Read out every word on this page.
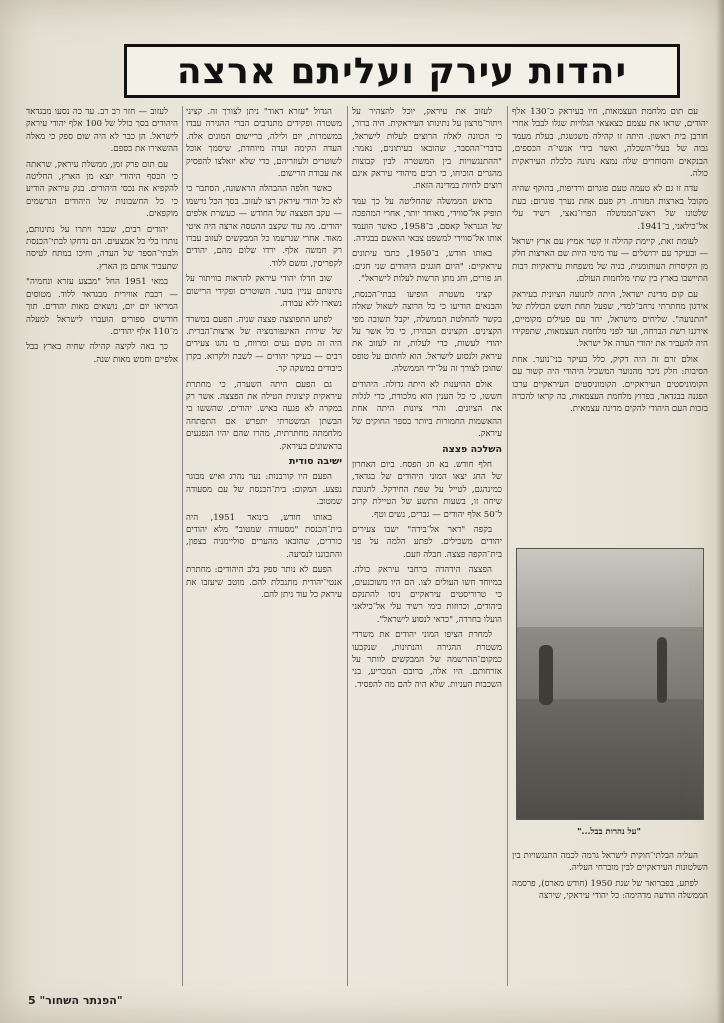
יהדות עירק ועליתם ארצה

עם תום מלחמת העצמאות, חיו בעיראק כ־130 אלף יהודים, שראו את עצמם כצאצאי הגלויות שגלו לבבל אחרי חורבן בית ראשון. היתה זו קהילה משגשגת, בעלת מעמד גבוה של בעלי־השכלה, ואשר בידי אנשי־ה הכספים, הבנקאים והסוחרים שלה נמצא נתונה כלכלת העיראקית כולה.

עדה זו גם לא טעמה טעם פוגרום ורדיפות, בהוקף שהיה מקובל בארצות המזרח. רק פעם אחת נערך פוגרום: בעת שלטונו של ראש־הממשלה הפרו־נאצי, רשיד עלי אל־כילאני, ב־1941.

לעומת זאת, קיימת קהילה זו קשר אמיץ עם ארץ ישראל — ובעיקר עם ירושלים — עוד מימי היות שם הארצות חלק מן הקיסרות העותומנית, בניה של משפחות עיראקיות רבות התיישבו בארץ בין שתי מלחמות העולם.

עם קום מדינת ישראל, היתה לתנועה הציונית בעיראק אירגון מחתרתי נרחב־למדי, שפעל תחת חשש הכוללת של "התנועה". שליחים מישראל, יחד עם פעילים מקומיים, אירגנו רשת הברחה, ועד לפני מלחמת העצמאות, שתפקידו היה להעביר את יהודי העדה אל ישראל.

אולם זרם זה היה דקיק, כלל בעיקר בני־נוער. אחת הסיבות: חלק ניכר מהנוער המשכיל היהודי היה קשור עם הקומוניסטים העיראקיים. הקומוניסטים העיראקיים ערכו הפגנה בבגדאד, בפרוץ מלחמת העצמאות, בה קראו להכרה בזכות העם היהודי להקים מדינה עצמאית.

"על נהרות בבל..."

העליה הבלתי־חוקית לישראל גרמה לכמה התנגשויות בין השלטונות העיראקיים לבין מוברחי העליה.

לפתע, בפברואר של שנת 1950 (חודש מארס), פרסמה הממשלה הודעה מדהימה: כל יהודי עיראקי, שירצה

לעזוב את עיראק, יוכל להצהיר על ויתור־מרצון על נתינותו העיראקית. היה ברור, כי הכוונה לאלה הרוצים לעלות לישראל, בדברי־ההסבר, שהובאו בעיתונים, נאמר: "ההתנגשויות בין המשטרה לבין קבוצות מהגרים הוכיחו, כי רבים מיהודי עיראק אינם רוצים לחיות במדינה הזאת.

בראש הממשלה שהחליטה על כך עמד תופיק אל־סווידי, מאוחר יותר, אחרי המהפכה של הגנראל קאסם, ב־1958, כאשר הועמד אותו אל־סווידי למשפט צבאי הואשם בבגידה.

באותו חודש, ב־1950, כתבו עיתונים עיראקיים: "היום חוגגים היהודים שני חגים: חג פורים, וחג מתן הרשות לעלות לישראל".

קציני משטרה הופיעו בבתי־הכנסת, והבנאים הודיעו כי כל הרוצה לשאול שאלה בקשר להחלטת הממשלה, יקבל תשובה מפי הקצינים. הקצינים הבהירו, כי כל אשר על יהודי לעשות, כדי לעלות, זה לעזוב את עיראק ולנסוע לישראל. הוא לחתום על טופס שהוכן לצורך זה על־ידי הממשלה.

אולם ההיענות לא היתה גדולה. היהודים חששו, כי כל הענין הוא מלכודת, כדי לגלות את הציונים. והרי ציונות היתה אחת ההאשמות החמורות ביותר בספר החוקים של עיראק.

השלכה פצצה

חלף חודש. בא חג הפסח. ביום האחרון של החג יצאו המוני היהודים של בגדאד, כמינהגם, לטייל על שפת החידקל. לתגובת שיחה זו, בשעות התשע של הטיילת קרוב ל־50 אלף יהודים — גברים, נשים וטף.

בקפה "דאר אל־בידה" ישבו צעירים יהודים משכילים. לפתע הלמה על פני בית־הקפה פצצה. חבלה וזעם.

הפצצה הידהדה ברחבי עיראק כולה. במיוחד חשו העולים לצו. הם היו משוכנעים, כי טרוריסטים עיראקיים ניסו להתנקם ביהודים, וכרוזות כימי רשיד עלי אל־כילאני הועלו בחרדה, "כדאי לנסוע לישראל".

למחרת הציפו המוני יהודים את משרדי משטרת ההגירה והנתינות, שנקבעו כמקום־ההרשמה של המבקשים לוותר על אזרחותם. היו אלה, ברובם המכריע, בני השכבות העניות. שלא היה להם מה להפסיד.

הגדול "עזרא דאוד" ניתן לצורך זה. קציני משטרה ופקידים מתנדבים הברי ההגירה עבדו במשמרות, יום ולילה, בריישום המונים אלה. העדה הקימה ועדה מיוחדת, שיסמך אוכל לשוטרים ולעוזריהם, כדי שלא יזאלצו להפסיק את עבודת הרישום.

כאשר חלפה ההבהלה הראשונה, הסתבר כי לא כל יהודי עיראק רצו לעזוב. בסך הכל נרשמו — עקב הפצצה של החודש — כעשרת אלפים יהודים. מה עוד שקצב ההטסה ארצה היה איטי מאוד. אחרי שנרשמו כל המבקשים לעזוב עברו רק חמשה אלף. ירדו שלום מהם, יהודים לקפריסין, ומשם ללוד.

שוב חדלו יהודי עיראק להראות בוויתור על נתינותם עניין בוער. השוטרים ופקידי הרישום נשארו ללא עבודה.

לפתע התפוצצה פצצה שניה. הפעם במשרד של שירות האינפורמציה של ארצות־הברית. היה זה מקום נעים ומרווח, בו נהגו צעירים רבים — בעיקר יהודים — לשבת ולקרוא. בקרן כיבודים במשקה קר.

גם הפעם היתה השערה, כי מחתרת עיראקית קיצונית הטילה את הפצצה. אשר רק במקרה לא פגעה באיש. יהודים, שהששו כי הבשתן המשטרתי יתפרש אם התפתחה מלחמתה מחתרתית, מהרו שהם יהיו הנפגעים בראשונים בעיראק.

ישיבה סודית

הפעם היו קורבנות: נער נהרג ואיש מבוגר נפצע. המקום: בית־הכנסת של עם מסעודה שמטוב.

באותו חודש, בינואר 1951, היה בית־הכנסת "מסעודה שמטוב" מלא יהודים כורדים, שהובאו מהערים סוליימניה בצפון, והתכוננו לנסיעה.

הפעם לא נותר ספק בלב היהודים: מחתרת אנטי־יהודית מתנכלת להם. מוטב שיעזבו את עיראק כל עוד ניתן להם.

לעזוב — חזר רב רב. עד כה נסעו מבגדאד היהודים בסך כולל של 100 אלף יהודי עיראק לישראל. הן כבר לא היה שום ספק כי מאלה ההשאירו את כספם.

עם תום פרק זמן, ממשלת עיראק, שראתה כי הכסף היהודי יוצא מן הארץ, החליטה להקפיא את נכסי היהודים. בנק עיראק הודיע כי כל החשבונות של היהודים הנרשמים מוקפאים.

יהודים רבים, שכבר ויתרו על נתינותם, נותרו בלי כל אמצעים. הם נדחקו לבתי־הכנסת ולבתי־הספר של העדה, וחיכו במתח לטיסה שתעביר אותם מן הארץ.

במאי 1951 החל "מבצע עזרא ונחמיה" — רכבת אווירית מבגדאד ללוד. מטוסים המריאו יום יום, נושאים מאות יהודים. תוך חודשים ספורים הועברו לישראל למעלה מ־110 אלף יהודים.

כך באה לקיצה קהילה שחיה בארץ בבל אלפיים וחמש מאות שנה.

"הפנתר השחור" 5
